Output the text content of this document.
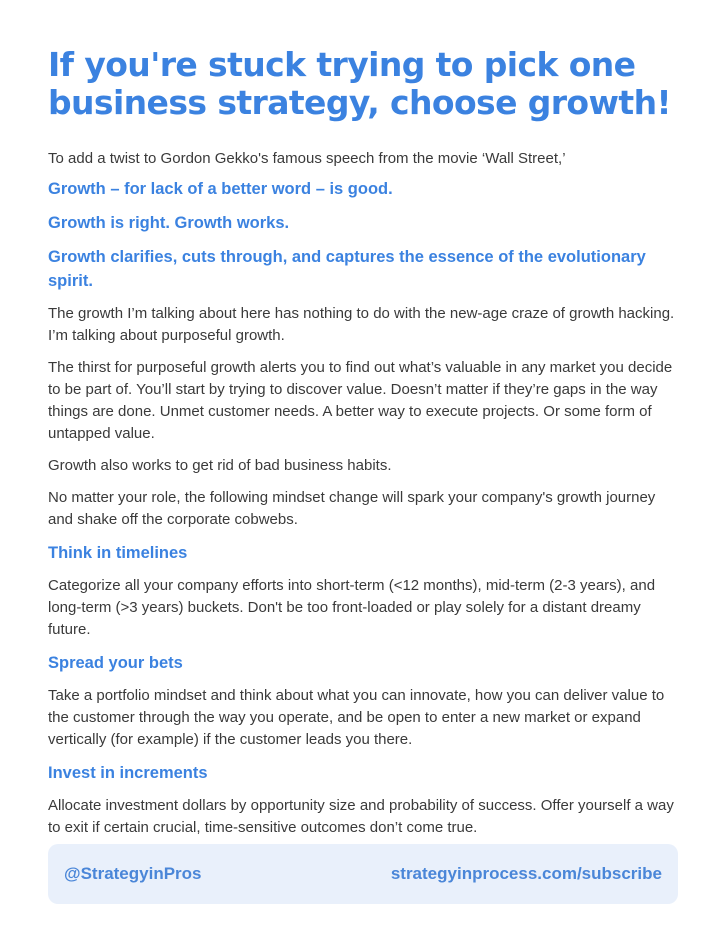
If you're stuck trying to pick one business strategy, choose growth!

To add a twist to Gordon Gekko's famous speech from the movie ‘Wall Street,’

Growth – for lack of a better word – is good.

Growth is right. Growth works.

Growth clarifies, cuts through, and captures the essence of the evolutionary spirit.

The growth I’m talking about here has nothing to do with the new-age craze of growth hacking. I’m talking about purposeful growth.

The thirst for purposeful growth alerts you to find out what’s valuable in any market you decide to be part of. You’ll start by trying to discover value. Doesn’t matter if they’re gaps in the way things are done. Unmet customer needs. A better way to execute projects. Or some form of untapped value.

Growth also works to get rid of bad business habits.

No matter your role, the following mindset change will spark your company's growth journey and shake off the corporate cobwebs.

Think in timelines

Categorize all your company efforts into short-term (<12 months), mid-term (2-3 years), and long-term (>3 years) buckets. Don't be too front-loaded or play solely for a distant dreamy future.

Spread your bets

Take a portfolio mindset and think about what you can innovate, how you can deliver value to the customer through the way you operate, and be open to enter a new market or expand vertically (for example) if the customer leads you there.

Invest in increments

Allocate investment dollars by opportunity size and probability of success. Offer yourself a way to exit if certain crucial, time-sensitive outcomes don’t come true.

@StrategyinPros	strategyinprocess.com/subscribe
